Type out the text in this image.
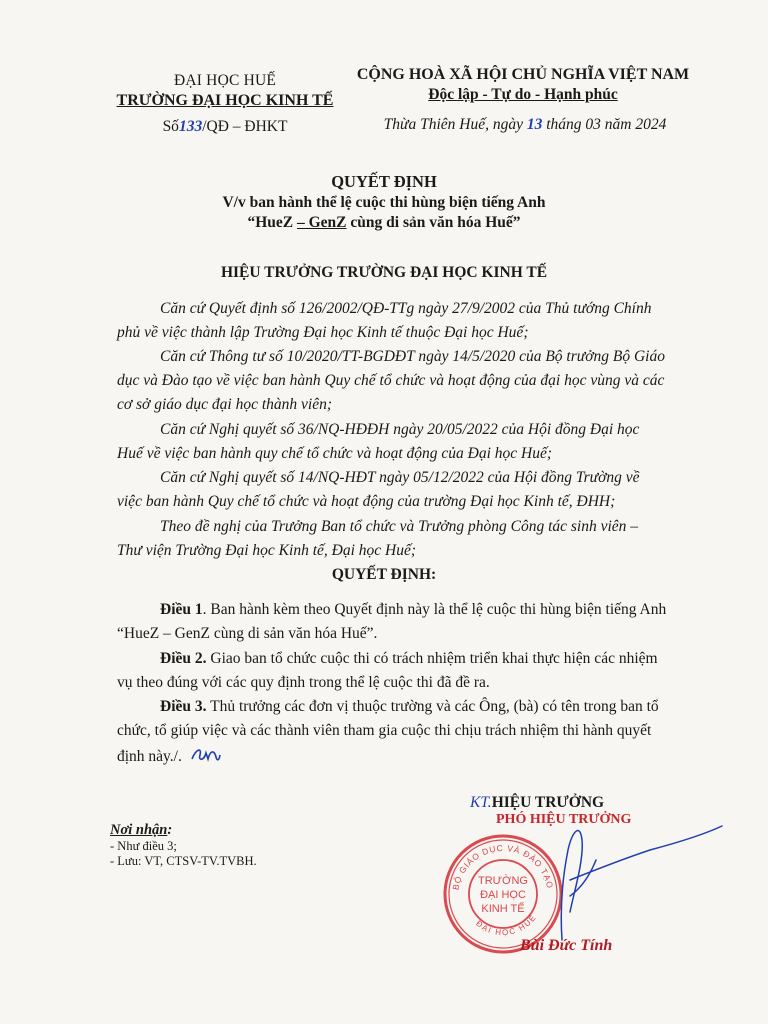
ĐẠI HỌC HUẾ
TRƯỜNG ĐẠI HỌC KINH TẾ
Số133/QĐ – ĐHKT
CỘNG HOÀ XÃ HỘI CHỦ NGHĨA VIỆT NAM
Độc lập - Tự do - Hạnh phúc
Thừa Thiên Huế, ngày 13 tháng 03 năm 2024
QUYẾT ĐỊNH
V/v ban hành thể lệ cuộc thi hùng biện tiếng Anh
“HueZ – GenZ cùng di sản văn hóa Huế”
HIỆU TRƯỞNG TRƯỜNG ĐẠI HỌC KINH TẾ
Căn cứ Quyết định số 126/2002/QĐ-TTg ngày 27/9/2002 của Thủ tướng Chính
phủ về việc thành lập Trường Đại học Kinh tế thuộc Đại học Huế;
Căn cứ Thông tư số 10/2020/TT-BGDĐT ngày 14/5/2020 của Bộ trưởng Bộ Giáo
dục và Đào tạo về việc ban hành Quy chế tổ chức và hoạt động của đại học vùng và các
cơ sở giáo dục đại học thành viên;
Căn cứ Nghị quyết số 36/NQ-HĐĐH ngày 20/05/2022 của Hội đồng Đại học
Huế về việc ban hành quy chế tổ chức và hoạt động của Đại học Huế;
Căn cứ Nghị quyết số 14/NQ-HĐT ngày 05/12/2022 của Hội đồng Trường về
việc ban hành Quy chế tổ chức và hoạt động của trường Đại học Kinh tế, ĐHH;
Theo đề nghị của Trưởng Ban tổ chức và Trưởng phòng Công tác sinh viên –
Thư viện Trường Đại học Kinh tế, Đại học Huế;
QUYẾT ĐỊNH:
Điều 1. Ban hành kèm theo Quyết định này là thể lệ cuộc thi hùng biện tiếng Anh
“HueZ – GenZ cùng di sản văn hóa Huế”.
Điều 2. Giao ban tổ chức cuộc thi có trách nhiệm triển khai thực hiện các nhiệm
vụ theo đúng với các quy định trong thể lệ cuộc thi đã đề ra.
Điều 3. Thủ trưởng các đơn vị thuộc trường và các Ông, (bà) có tên trong ban tổ
chức, tổ giúp việc và các thành viên tham gia cuộc thi chịu trách nhiệm thi hành quyết
định này./.
Nơi nhận:
- Như điều 3;
- Lưu: VT, CTSV-TV.TVBH.
KT.HIỆU TRƯỞNG
PHÓ HIỆU TRƯỞNG
BỘ GIÁO DỤC VÀ ĐÀO TẠO
ĐẠI HỌC HUẾ
TRƯỜNG
ĐẠI HỌC
KINH TẾ
Bùi Đức Tính
